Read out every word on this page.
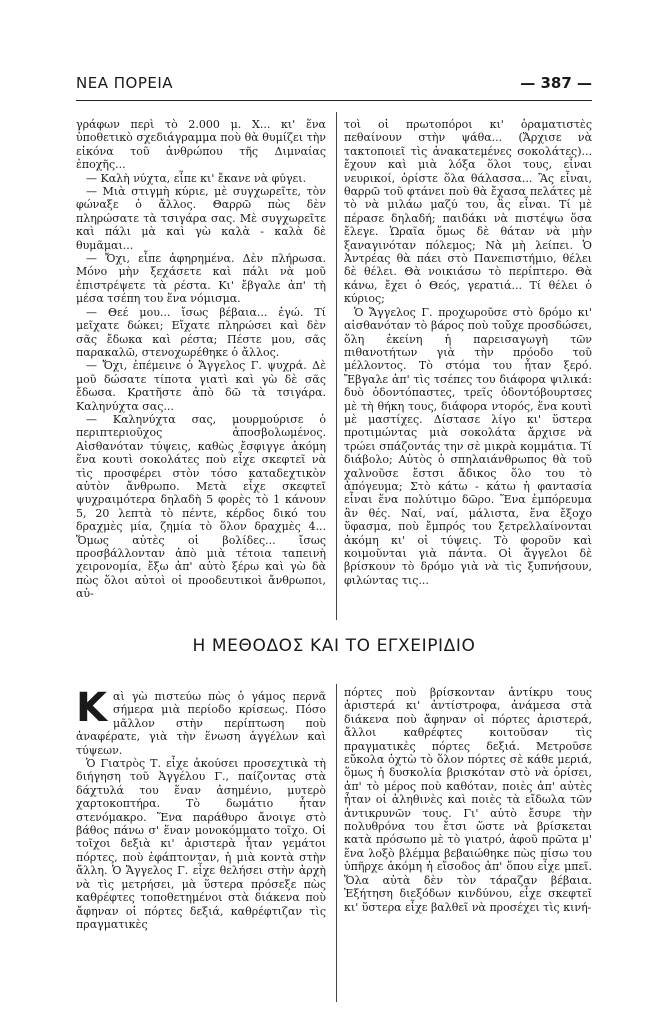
ΝΕΑ ΠΟΡΕΙΑ	— 387 —

γράφων περὶ τὸ 2.000 μ. Χ... κι' ἕνα ὑποθετικὸ σχεδιάγραμμα ποὺ θὰ θυμίζει τὴν εἰκόνα τοῦ ἀνθρώπου τῆς Διμναίας ἐποχῆς...

— Καλὴ νύχτα, εἶπε κι' ἔκανε νὰ φύγει.

— Μιὰ στιγμὴ κύριε, μὲ συγχωρεῖτε, τὸν φώναξε ὁ ἄλλος. Θαρρῶ πὼς δὲν πληρώσατε τὰ τσιγάρα σας. Μὲ συγχωρεῖτε καὶ πάλι μὰ καὶ γὼ καλὰ - καλὰ δὲ θυμᾶμαι...

— Ὄχι, εἶπε ἀφηρημένα. Δὲν πλήρωσα. Μόνο μὴν ξεχάσετε καὶ πάλι νὰ μοῦ ἐπιστρέψετε τὰ ρέστα. Κι' ἔβγαλε ἀπ' τὴ μέσα τσέπη του ἕνα νόμισμα.

— Θεέ μου... ἴσως βέβαια... ἐγώ. Τί μεῖχατε δώκει; Εἴχατε πληρώσει καὶ δὲν σᾶς ἔδωκα καὶ ρέστα; Πέστε μου, σᾶς παρακαλῶ, στενοχωρέθηκε ὁ ἄλλος.

— Ὄχι, ἐπέμεινε ὁ Ἄγγελος Γ. ψυχρά. Δὲ μοῦ δώσατε τίποτα γιατὶ καὶ γὼ δὲ σᾶς ἔδωσα. Κρατῆστε ἀπὸ δῶ τὰ τσιγάρα. Καληνύχτα σας...

— Καληνύχτα σας, μουρμούρισε ὁ περιπτεριοῦχος ἀποσβολωμένος. Αἰσθανόταν τύψεις, καθὼς ἔσφιγγε ἀκόμη ἕνα κουτὶ σοκολάτες ποὺ εἶχε σκεφτεῖ νὰ τὶς προσφέρει στὸν τόσο καταδεχτικὸν αὐτὸν ἄνθρωπο. Μετὰ εἶχε σκεφτεῖ ψυχραιμότερα δηλαδὴ 5 φορὲς τὸ 1 κάνουν 5, 20 λεπτὰ τὸ πέντε, κέρδος δικό του δραχμὲς μία, ζημία τὸ ὅλον δραχμὲς 4... Ὅμως αὐτὲς οἱ βολίδες... ἴσως προσβάλλονταν ἀπὸ μιὰ τέτοια ταπεινὴ χειρονομία, ἔξω ἀπ' αὐτὸ ξέρω καὶ γὼ δὰ πὼς ὅλοι αὐτοὶ οἱ προοδευτικοὶ ἄνθρωποι, αὐ-

τοὶ οἱ πρωτοπόροι κι' ὁραματιστὲς πεθαίνουν στὴν ψάθα... (Ἄρχισε νὰ τακτοποιεῖ τὶς ἀνακατεμένες σοκολάτες)... ἔχουν καὶ μιὰ λόξα ὅλοι τους, εἶναι νευρικοί, ὁρίστε ὅλα θάλασσα... Ἂς εἶναι, θαρρῶ τοῦ φτάνει ποὺ θὰ ἔχασα πελάτες μὲ τὸ νὰ μιλάω μαζύ του, ἂς εἶναι. Τί μὲ πέρασε δηλαδή; παιδάκι νὰ πιστέψω ὅσα ἔλεγε. Ὡραῖα ὅμως δὲ θάταν νὰ μὴν ξαναγινόταν πόλεμος; Νὰ μὴ λείπει. Ὁ Ἀντρέας θὰ πάει στὸ Πανεπιστήμιο, θέλει δὲ θέλει. Θὰ νοικιάσω τὸ περίπτερο. Θὰ κάνω, ἔχει ὁ Θεός, γερατιά... Τί θέλει ὁ κύριος;

Ὁ Ἄγγελος Γ. προχωροῦσε στὸ δρόμο κι' αἰσθανόταν τὸ βάρος ποὺ τοὔχε προσδώσει, ὅλη ἐκείνη ἡ παρεισαγωγὴ τῶν πιθανοτήτων γιὰ τὴν πρόοδο τοῦ μέλλοντος. Τὸ στόμα του ἦταν ξερό. Ἔβγαλε ἀπ' τὶς τσέπες του διάφορα ψιλικά: δυὸ ὀδοντόπαστες, τρεῖς ὀδοντόβουρτσες μὲ τὴ θήκη τους, διάφορα ντορός, ἕνα κουτὶ μὲ μαστίχες. Δίστασε λίγο κι' ὕστερα προτιμώντας μιὰ σοκολάτα ἄρχισε νὰ τρώει σπάζοντάς την σὲ μικρὰ κομμάτια. Τί διάβολο; Αὐτὸς ὁ σπηλαιάνθρωπος θὰ τοῦ χαλνοῦσε ἔστσι ἄδικος ὅλο του τὸ ἀπόγευμα; Στὸ κάτω - κάτω ἡ φαντασία εἶναι ἕνα πολύτιμο δῶρο. Ἕνα ἐμπόρευμα ἂν θές. Ναί, ναί, μάλιστα, ἕνα ἔξοχο ὕφασμα, ποὺ ἔμπρός του ξετρελλαίνονται ἀκόμη κι' οἱ τύψεις. Τὸ φοροῦν καὶ κοιμοῦνται γιὰ πάντα. Οἱ ἄγγελοι δὲ βρίσκουν τὸ δρόμο γιὰ νὰ τὶς ξυπνήσουν, φιλώντας τις...

Η ΜΕΘΟΔΟΣ ΚΑΙ ΤΟ ΕΓΧΕΙΡΙΔΙΟ
Κ αὶ γὼ πιστεύω πὼς ὁ γάμος περνᾶ σήμερα μιὰ περίοδο κρίσεως. Πόσο μᾶλλον στὴν περίπτωση ποὺ ἀναφέρατε, γιὰ τὴν ἕνωση ἀγγέλων καὶ τύψεων.

Ὁ Γιατρὸς Τ. εἶχε ἀκούσει προσεχτικὰ τὴ διήγηση τοῦ Ἀγγέλου Γ., παίζοντας στὰ δάχτυλά του ἕναν ἀσημένιο, μυτερὸ χαρτοκοπτήρα. Τὸ δωμάτιο ἦταν στενόμακρο. Ἕνα παράθυρο ἄνοιγε στὸ βάθος πάνω σ' ἕναν μονοκόμματο τοῖχο. Οἱ τοῖχοι δεξιὰ κι' ἀριστερὰ ἦταν γεμάτοι πόρτες, ποὺ ἐφάπτονταν, ἡ μιὰ κοντὰ στὴν ἄλλη. Ὁ Ἄγγελος Γ. εἶχε θελήσει στὴν ἀρχὴ νὰ τὶς μετρήσει, μὰ ὕστερα πρόσεξε πὼς καθρέφτες τοποθετημένοι στὰ διάκενα ποὺ ἄφηναν οἱ πόρτες δεξιά, καθρέφτιζαν τὶς πραγματικὲς

πόρτες ποὺ βρίσκονταν ἀντίκρυ τους ἀριστερά κι' ἀντίστροφα, ἀνάμεσα στὰ διάκενα ποὺ ἄφηναν οἱ πόρτες ἀριστερά, ἄλλοι καθρέφτες κοιτοῦσαν τὶς πραγματικὲς πόρτες δεξιά. Μετροῦσε εὔκολα ὀχτὼ τὸ ὅλον πόρτες σὲ κάθε μεριά, ὅμως ἡ δυσκολία βρισκόταν στὸ νὰ ὁρίσει, ἀπ' τὸ μέρος ποὺ καθόταν, ποιὲς ἀπ' αὐτὲς ἦταν οἱ ἀληθινὲς καὶ ποιὲς τὰ εἴδωλα τῶν ἀντικρυνῶν τους. Γι' αὐτὸ ἔσυρε τὴν πολυθρόνα του ἔτσι ὥστε νὰ βρίσκεται κατὰ πρόσωπο μὲ τὸ γιατρό, ἀφοῦ πρῶτα μ' ἕνα λοξὸ βλέμμα βεβαιώθηκε πὼς πίσω του ὑπῆρχε ἀκόμη ἡ εἴσοδος ἀπ' ὅπου εἶχε μπεῖ. Ὅλα αὐτὰ δὲν τὸν τάραζαν βέβαια. Ἐξήτηση διεξόδων κινδύνου, εἶχε σκεφτεῖ κι' ὕστερα εἶχε βαλθεῖ νὰ προσέχει τὶς κινή-
